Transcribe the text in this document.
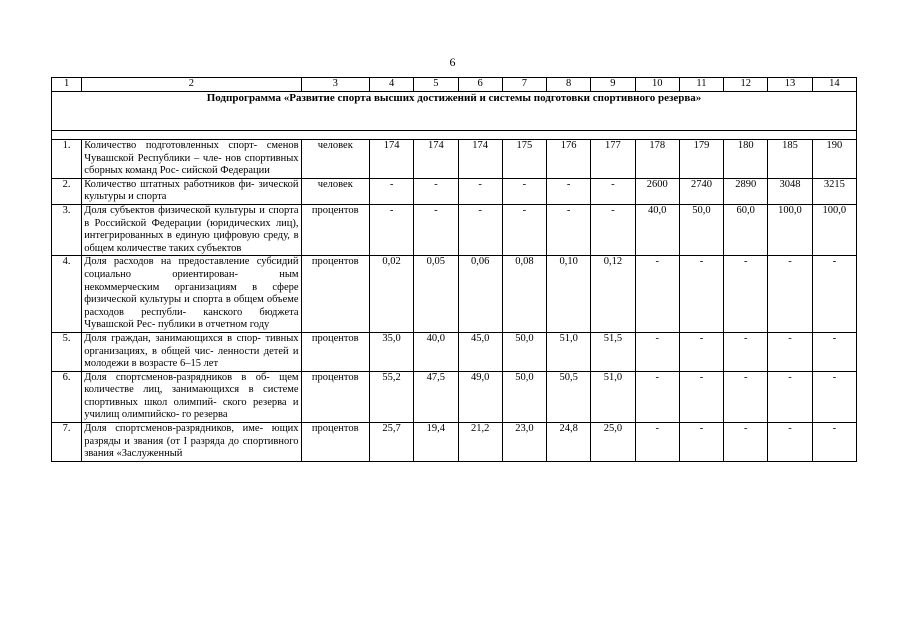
6
1	2	3	4	5	6	7	8	9	10	11	12	13	14
Подпрограмма «Развитие спорта высших достижений и системы подготовки спортивного резерва»													

1.	Количество подготовленных спорт- сменов Чувашской Республики – чле- нов спортивных сборных команд Рос- сийской Федерации	человек	174	174	174	175	176	177	178	179	180	185	190
2.	Количество штатных работников фи- зической культуры и спорта	человек	-	-	-	-	-	-	2600	2740	2890	3048	3215
3.	Доля субъектов физической культуры и спорта в Российской Федерации (юридических лиц), интегрированных в единую цифровую среду, в общем количестве таких субъектов	процентов	-	-	-	-	-	-	40,0	50,0	60,0	100,0	100,0
4.	Доля расходов на предоставление субсидий социально ориентирован- ным некоммерческим организациям в сфере физической культуры и спорта в общем объеме расходов республи- канского бюджета Чувашской Рес- публики в отчетном году	процентов	0,02	0,05	0,06	0,08	0,10	0,12	-	-	-	-	-
5.	Доля граждан, занимающихся в спор- тивных организациях, в общей чис- ленности детей и молодежи в возрасте 6–15 лет	процентов	35,0	40,0	45,0	50,0	51,0	51,5	-	-	-	-	-
6.	Доля спортсменов-разрядников в об- щем количестве лиц, занимающихся в системе спортивных школ олимпий- ского резерва и училищ олимпийско- го резерва	процентов	55,2	47,5	49,0	50,0	50,5	51,0	-	-	-	-	-
7.	Доля спортсменов-разрядников, име- ющих разряды и звания (от I разряда до спортивного звания «Заслуженный	процентов	25,7	19,4	21,2	23,0	24,8	25,0	-	-	-	-	-
